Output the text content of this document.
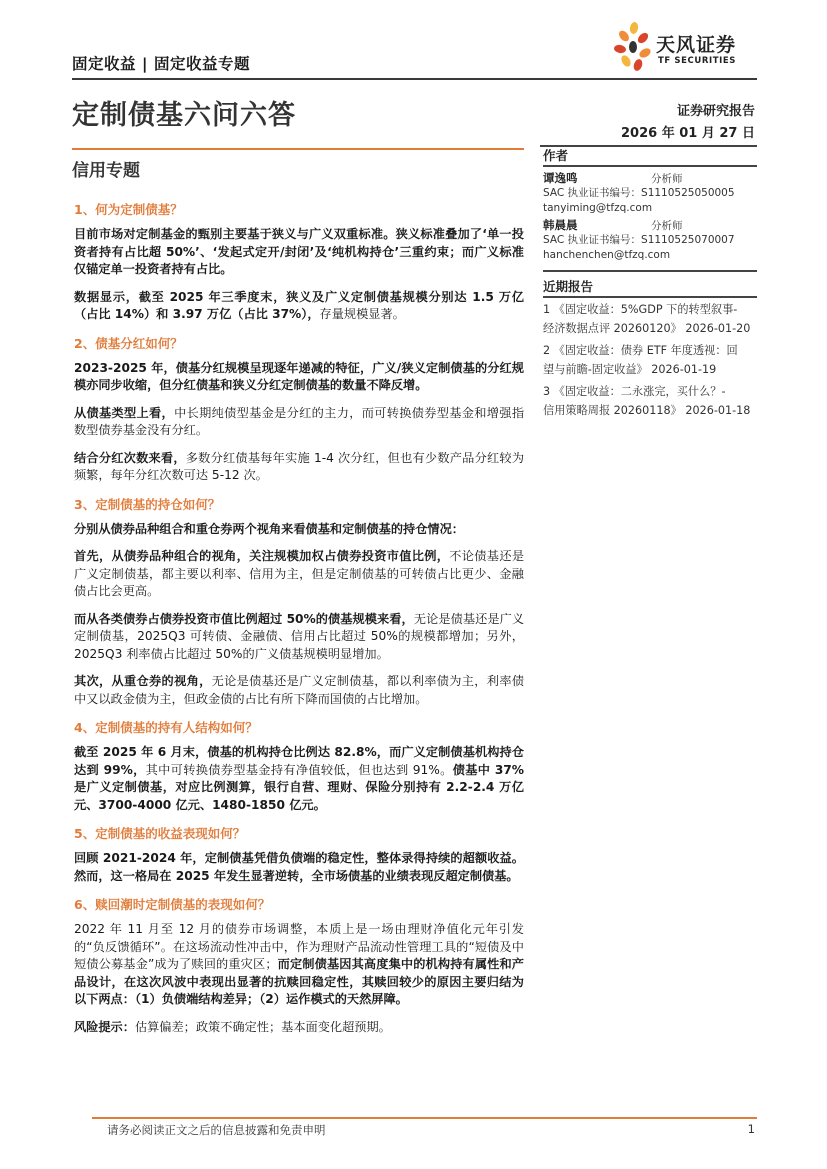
固定收益 | 固定收益专题
天风证券
TF SECURITIES
定制债基六问六答	证券研究报告
2026 年 01 月 27 日
信用专题
1、何为定制债基？

目前市场对定制基金的甄别主要基于狭义与广义双重标准。狭义标准叠加了‘单一投资者持有占比超 50%’、‘发起式定开/封闭’及‘纯机构持仓’三重约束；而广义标准仅锚定单一投资者持有占比。

数据显示，截至 2025 年三季度末，狭义及广义定制债基规模分别达 1.5 万亿（占比 14%）和 3.97 万亿（占比 37%），存量规模显著。

2、债基分红如何？

2023-2025 年，债基分红规模呈现逐年递减的特征，广义/狭义定制债基的分红规模亦同步收缩，但分红债基和狭义分红定制债基的数量不降反增。

从债基类型上看，中长期纯债型基金是分红的主力，而可转换债券型基金和增强指数型债券基金没有分红。

结合分红次数来看，多数分红债基每年实施 1-4 次分红，但也有少数产品分红较为频繁，每年分红次数可达 5-12 次。

3、定制债基的持仓如何？

分别从债券品种组合和重仓券两个视角来看债基和定制债基的持仓情况：

首先，从债券品种组合的视角，关注规模加权占债券投资市值比例，不论债基还是广义定制债基，都主要以利率、信用为主，但是定制债基的可转债占比更少、金融债占比会更高。

而从各类债券占债券投资市值比例超过 50%的债基规模来看，无论是债基还是广义定制债基，2025Q3 可转债、金融债、信用占比超过 50%的规模都增加；另外，2025Q3 利率债占比超过 50%的广义债基规模明显增加。

其次，从重仓券的视角，无论是债基还是广义定制债基，都以利率债为主，利率债中又以政金债为主，但政金债的占比有所下降而国债的占比增加。

4、定制债基的持有人结构如何？

截至 2025 年 6 月末，债基的机构持仓比例达 82.8%，而广义定制债基机构持仓达到 99%，其中可转换债券型基金持有净值较低，但也达到 91%。债基中 37%是广义定制债基，对应比例测算，银行自营、理财、保险分别持有 2.2-2.4 万亿元、3700-4000 亿元、1480-1850 亿元。

5、定制债基的收益表现如何？

回顾 2021-2024 年，定制债基凭借负债端的稳定性，整体录得持续的超额收益。然而，这一格局在 2025 年发生显著逆转，全市场债基的业绩表现反超定制债基。

6、赎回潮时定制债基的表现如何？

2022 年 11 月至 12 月的债券市场调整，本质上是一场由理财净值化元年引发的“负反馈循环”。在这场流动性冲击中，作为理财产品流动性管理工具的“短债及中短债公募基金”成为了赎回的重灾区；而定制债基因其高度集中的机构持有属性和产品设计，在这次风波中表现出显著的抗赎回稳定性，其赎回较少的原因主要归结为以下两点：（1）负债端结构差异；（2）运作模式的天然屏障。

风险提示：估算偏差；政策不确定性；基本面变化超预期。

作者
谭逸鸣	分析师
SAC 执业证书编号：S1110525050005
tanyiming@tfzq.com
韩晨晨	分析师
SAC 执业证书编号：S1110525070007
hanchenchen@tfzq.com
近期报告
1 《固定收益：5%GDP 下的转型叙事-
经济数据点评 20260120》 2026-01-20
2 《固定收益：债券 ETF 年度透视：回
望与前瞻-固定收益》 2026-01-19
3 《固定收益：二永涨完，买什么？-
信用策略周报 20260118》 2026-01-18
请务必阅读正文之后的信息披露和免责申明	1
